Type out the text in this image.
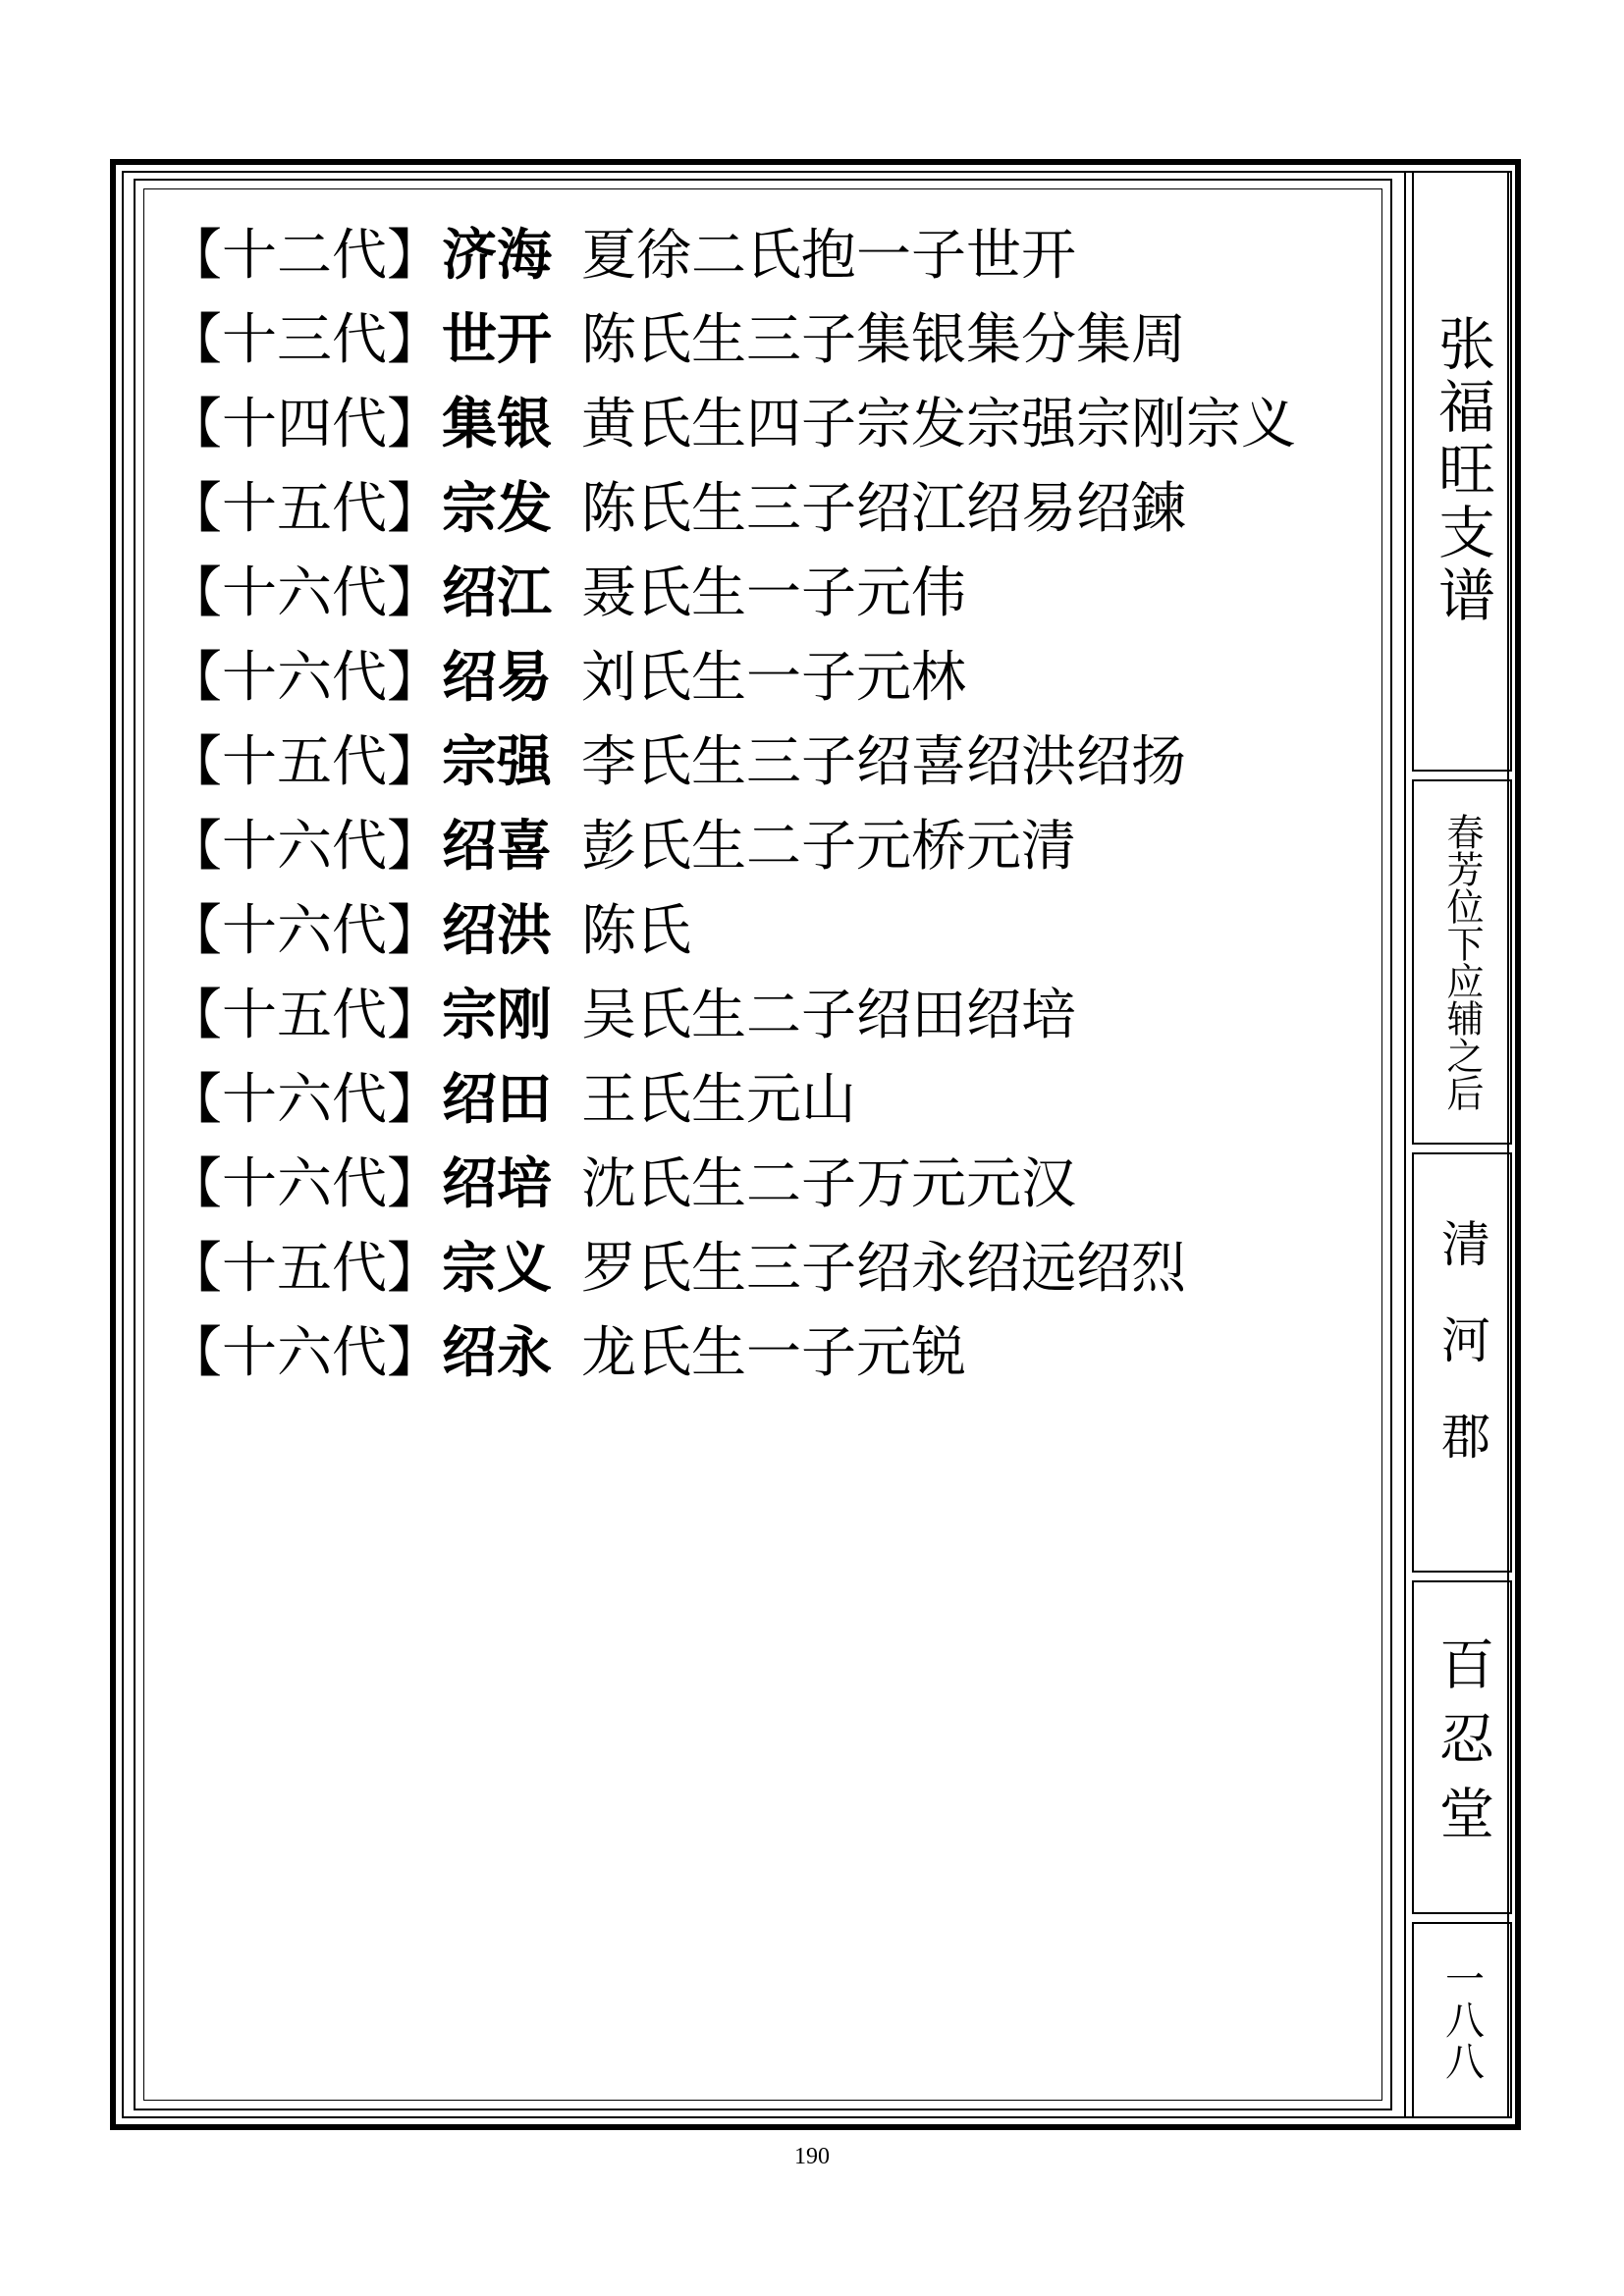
【十二代】济海 夏徐二氏抱一子世开
【十三代】世开 陈氏生三子集银集分集周
【十四代】集银 黄氏生四子宗发宗强宗刚宗义
【十五代】宗发 陈氏生三子绍江绍易绍鍊
【十六代】绍江 聂氏生一子元伟
【十六代】绍易 刘氏生一子元林
【十五代】宗强 李氏生三子绍喜绍洪绍扬
【十六代】绍喜 彭氏生二子元桥元清
【十六代】绍洪 陈氏
【十五代】宗刚 吴氏生二子绍田绍培
【十六代】绍田 王氏生元山
【十六代】绍培 沈氏生二子万元元汉
【十五代】宗义 罗氏生三子绍永绍远绍烈
【十六代】绍永 龙氏生一子元锐
张福旺支谱
春芳位下应辅之后
清河郡
百忍堂
一八八
190
